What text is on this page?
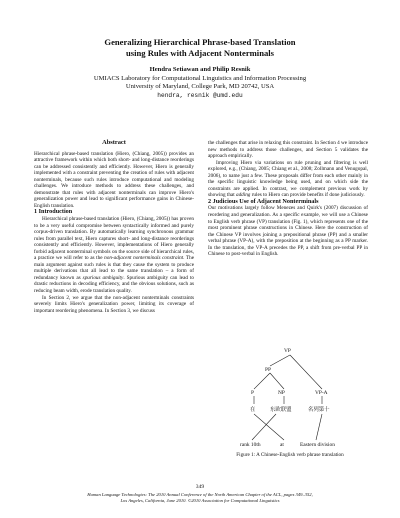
Generalizing Hierarchical Phrase-based Translation
using Rules with Adjacent Nonterminals
Hendra Setiawan and Philip Resnik
UMIACS Laboratory for Computational Linguistics and Information Processing
University of Maryland, College Park, MD 20742, USA
hendra, resnik @umd.edu
Abstract

Hierarchical phrase-based translation (Hiero, (Chiang, 2005)) provides an attractive framework within which both short- and long-distance reorderings can be addressed consistently and efficiently. However, Hiero is generally implemented with a constraint preventing the creation of rules with adjacent nonterminals, because such rules introduce computational and modeling challenges. We introduce methods to address these challenges, and demonstrate that rules with adjacent nonterminals can improve Hiero's generalization power and lead to significant performance gains in Chinese-English translation.

1 Introduction

Hierarchical phrase-based translation (Hiero, (Chiang, 2005)) has proven to be a very useful compromise between syntactically informed and purely corpus-driven translation. By automatically learning synchronous grammar rules from parallel text, Hiero captures short- and long-distance reorderings consistently and efficiently. However, implementations of Hiero generally forbid adjacent nonterminal symbols on the source side of hierarchical rules, a practice we will refer to as the non-adjacent nonterminals constraint. The main argument against such rules is that they cause the system to produce multiple derivations that all lead to the same translation – a form of redundancy known as spurious ambiguity. Spurious ambiguity can lead to drastic reductions in decoding efficiency, and the obvious solutions, such as reducing beam width, erode translation quality.

In Section 2, we argue that the non-adjacent nonterminals constraints severely limits Hiero's generalization power, limiting its coverage of important reordering phenomena. In Section 3, we discuss

the challenges that arise in relaxing this constraint. In Section 4 we introduce new methods to address those challenges, and Section 5 validates the approach empirically.

Improving Hiero via variations on rule pruning and filtering is well explored, e.g., (Chiang, 2005; Chiang et al., 2008; Zollmann and Venugopal, 2006), to name just a few. These proposals differ from each other mainly in the specific linguistic knowledge being used, and on which side the constraints are applied. In contrast, we complement previous work by showing that adding rules to Hiero can provide benefits if done judiciously.

2 Judicious Use of Adjacent Nonterminals

Our motivations largely follow Menezes and Quirk's (2007) discussion of reordering and generalization. As a specific example, we will use a Chinese to English verb phrase (VP) translation (Fig. 1), which represents one of the most prominent phrase constructions in Chinese. Here the construction of the Chinese VP involves joining a prepositional phrase (PP) and a smaller verbal phrase (VP-A), with the preposition at the beginning as a PP marker. In the translation, the VP-A precedes the PP, a shift from pre-verbal PP in Chinese to post-verbal in English.

VP
PP
P	NP	VP-A
在	东欧联盟	名列第十
rank 10th	at	Eastern division
Figure 1: A Chinese-English verb phrase translation
349
Human Language Technologies: The 2010 Annual Conference of the North American Chapter of the ACL, pages 349–352,
Los Angeles, California, June 2010. ©2010 Association for Computational Linguistics
